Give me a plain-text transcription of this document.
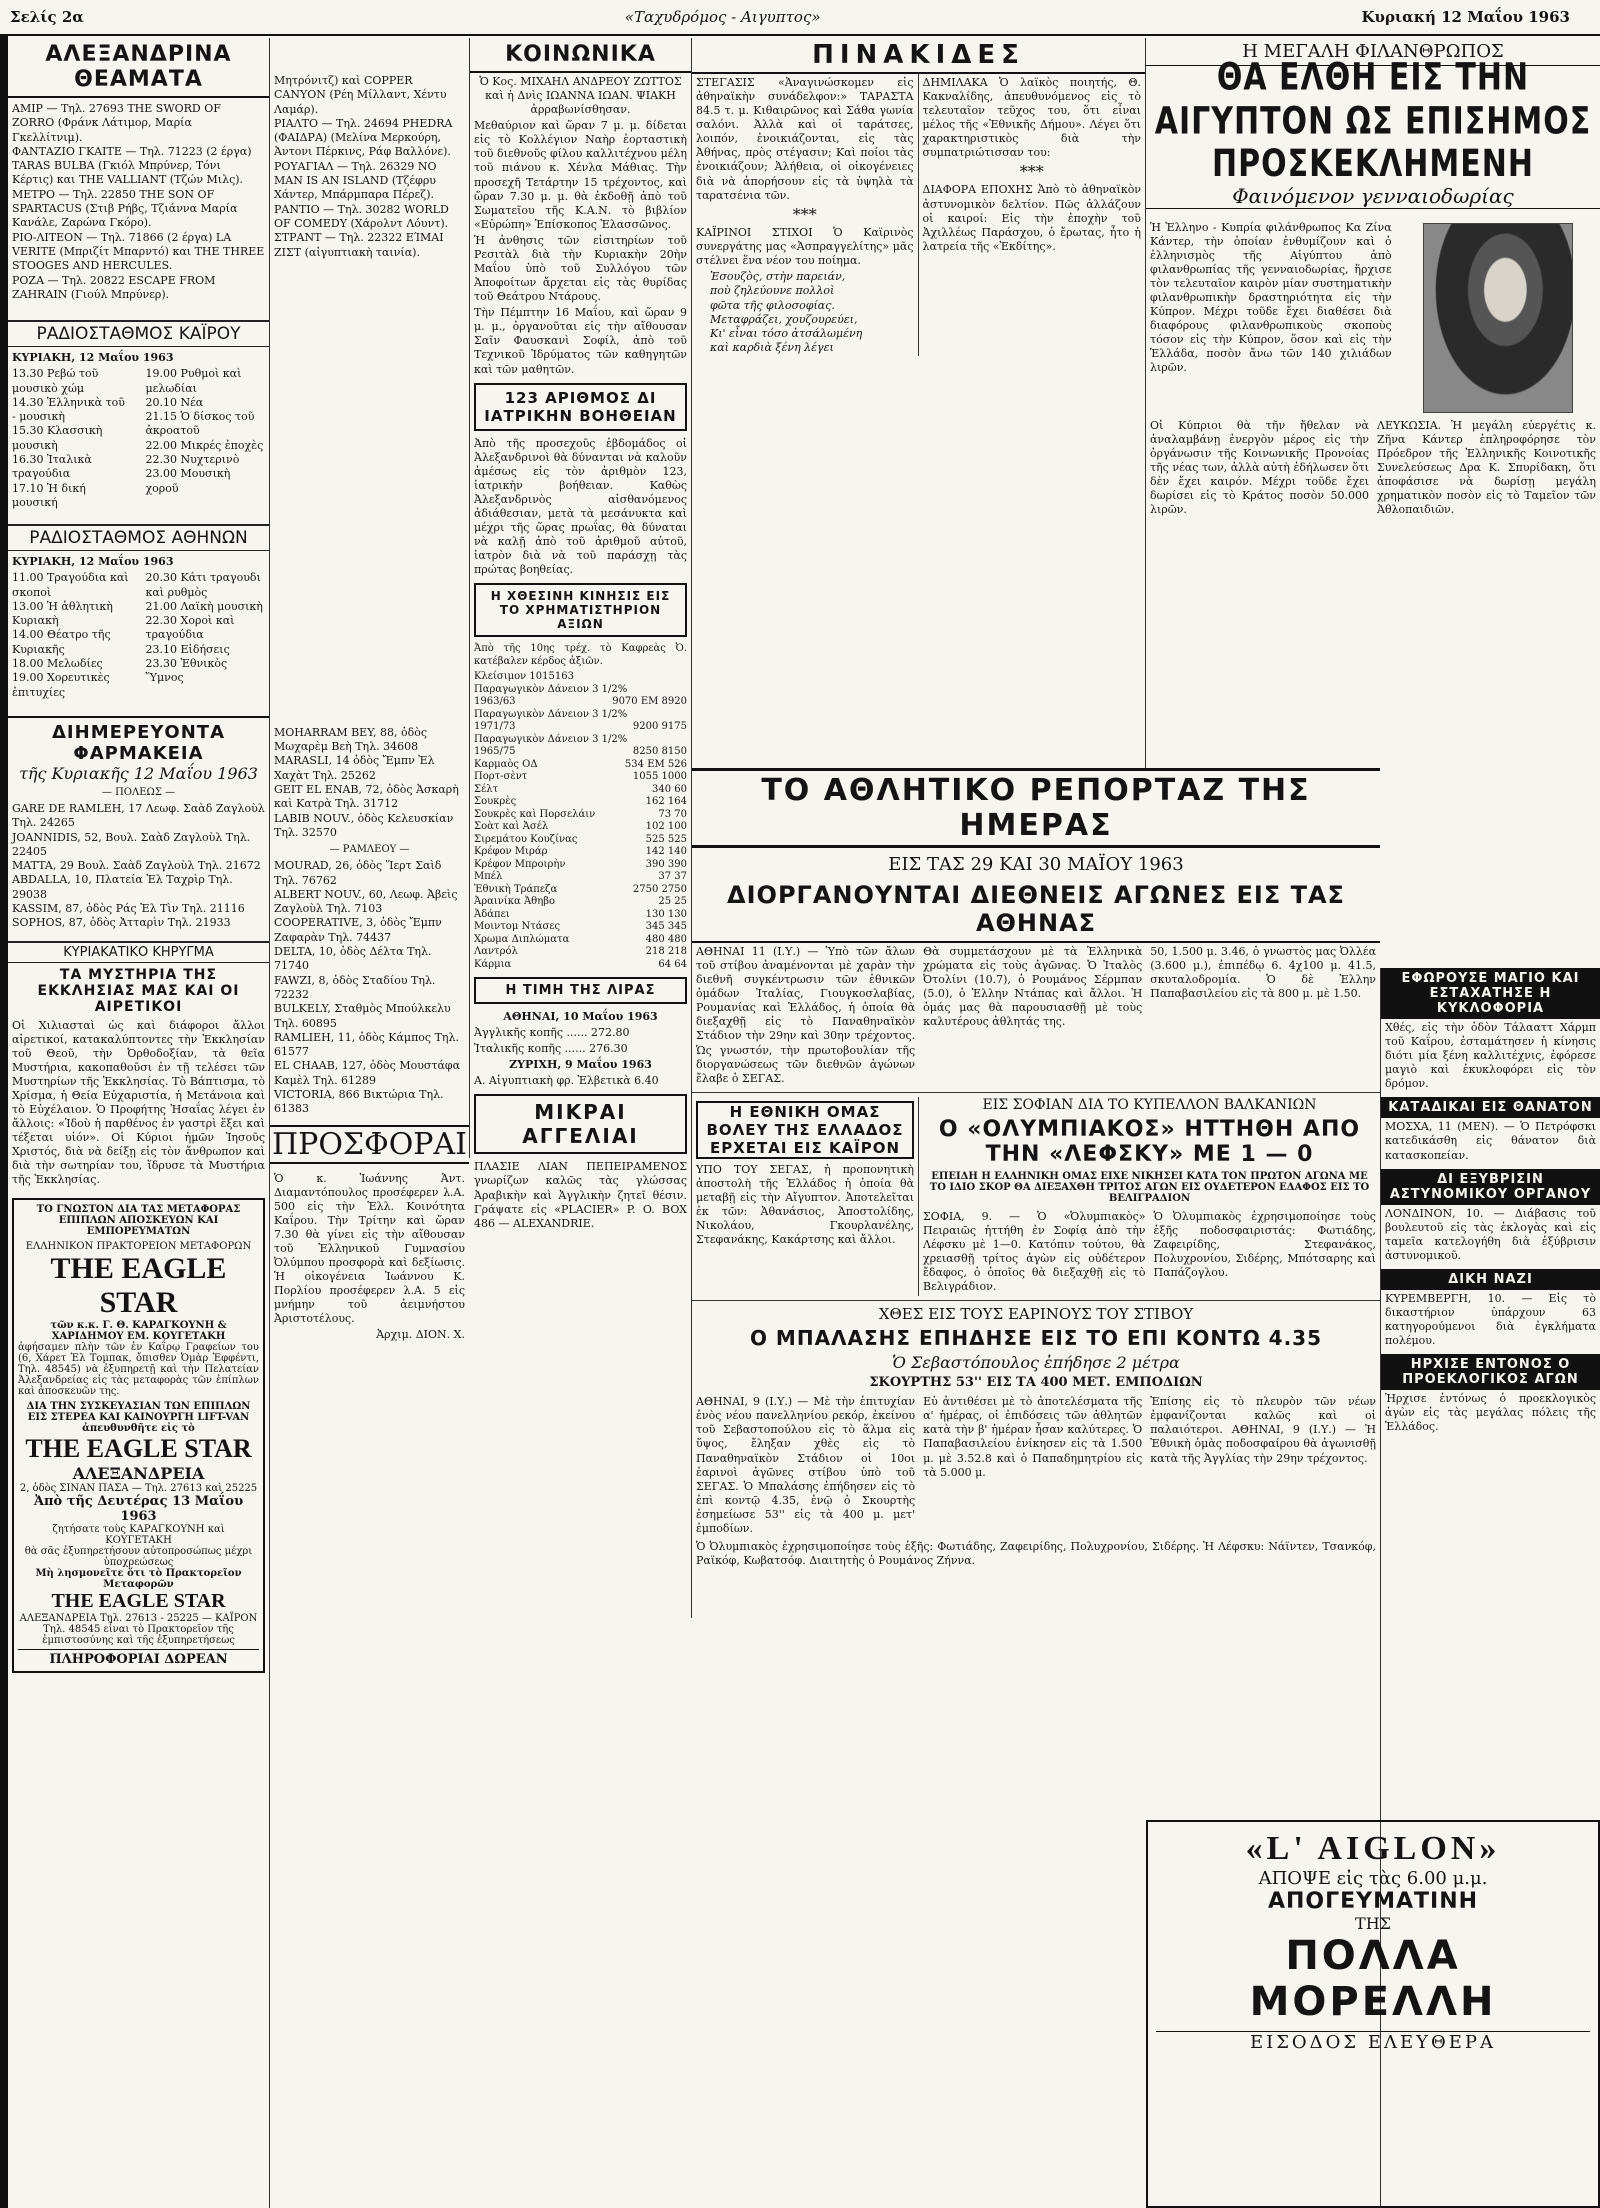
Σελίς 2α	«Ταχυδρόμος - Αιγυπτος»	Κυριακή 12 Μαΐου 1963
ΑΛΕΞΑΝΔΡΙΝΑ ΘΕΑΜΑΤΑ
ΑΜΙΡ — Τηλ. 27693 THE SWORD OF ZORRO (Φράνκ Λάτιμορ, Μαρία Γκελλίτνιμ).
ΦΑΝΤΑΖΙΟ ΓΚΑΙΤΕ — Τηλ. 71223 (2 έργα) TARAS BULBA (Γκιόλ Μπρύνερ, Τόνι Κέρτις) και THE VALLIANT (Τζών Μιλς).
ΜΕΤΡΟ — Τηλ. 22850 THE SON OF SPARTACUS (Στιβ Ρήβς, Τζιάννα Μαρία Κανάλε, Ζαρώνα Γκόρο).
ΡΙΟ-ΛΙΤΕΟΝ — Τηλ. 71866 (2 έργα) LA VERITE (Μπριζίτ Μπαρντό) και THE THREE STOOGES AND HERCULES.
ΡΟΖΑ — Τηλ. 20822 ESCAPE FROM ZAHRAIN (Γιούλ Μπρύνερ).
ΡΑΔΙΟΣΤΑΘΜΟΣ ΚΑΪΡΟΥ
ΚΥΡΙΑΚΗ, 12 Μαΐου 1963
13.30 Ρεβώ τοῦ μουσικὸ χώμ
14.30 Ἑλληνικὰ τοῦ - μουσικὴ
15.30 Κλασσικὴ μουσικὴ
16.30 Ἰταλικὰ τραγούδια
17.10 Ἡ δική μουσική
19.00 Ρυθμοὶ καὶ μελωδίαι
20.10 Νέα
21.15 Ὁ δίσκος τοῦ ἀκροατοῦ
22.00 Μικρές ἐποχὲς
22.30 Νυχτερινὸ
23.00 Μουσικὴ χοροῦ
ΡΑΔΙΟΣΤΑΘΜΟΣ ΑΘΗΝΩΝ
ΚΥΡΙΑΚΗ, 12 Μαΐου 1963
11.00 Τραγούδια καὶ σκοποὶ
13.00 Ἡ ἀθλητικὴ Κυριακὴ
14.00 Θέατρο τῆς Κυριακῆς
18.00 Μελωδίες
19.00 Χορευτικὲς ἐπιτυχίες
20.30 Κάτι τραγουδι καὶ ρυθμὸς
21.00 Λαϊκὴ μουσικὴ
22.30 Χοροὶ καὶ τραγούδια
23.10 Εἰδήσεις
23.30 Ἐθνικὸς Ὕμνος
ΔΙΗΜΕΡΕΥΟΝΤΑ ΦΑΡΜΑΚΕΙΑ
τῆς Κυριακῆς 12 Μαΐου 1963
— ΠΟΛΕΩΣ —
GARE DE RAMLEH, 17 Λεωφ. Σαὰδ Ζαγλοὺλ Τηλ. 24265
JOANNIDIS, 52, Βουλ. Σαὰδ Ζαγλοὺλ Τηλ. 22405
MATTA, 29 Βουλ. Σαὰδ Ζαγλοὺλ Τηλ. 21672
ABDALLA, 10, Πλατεία Ἐλ Ταχρὶρ Τηλ. 29038
KASSIM, 87, ὁδὸς Ράς Ἐλ Τὶν Τηλ. 21116
SOPHOS, 87, ὁδὸς Ἀτταρὶν Τηλ. 21933
ΚΥΡΙΑΚΑΤΙΚΟ ΚΗΡΥΓΜΑ
ΤΑ ΜΥΣΤΗΡΙΑ ΤΗΣ ΕΚΚΛΗΣΙΑΣ ΜΑΣ ΚΑΙ ΟΙ ΑΙΡΕΤΙΚΟΙ

Οἱ Χιλιασταὶ ὡς καὶ διάφοροι ἄλλοι αἱρετικοί, κατακαλύπτοντες τὴν Ἐκκλησίαν τοῦ Θεοῦ, τὴν Ὀρθοδοξίαν, τὰ θεῖα Μυστήρια, κακοπαθοῦσι ἐν τῇ τελέσει τῶν Μυστηρίων τῆς Ἐκκλησίας. Τὸ Βάπτισμα, τὸ Χρίσμα, ἡ Θεία Εὐχαριστία, ἡ Μετάνοια καὶ τὸ Εὐχέλαιον. Ὁ Προφήτης Ἠσαΐας λέγει ἐν ἄλλοις: «Ἰδοὺ ἡ παρθένος ἐν γαστρὶ ἕξει καὶ τέξεται υἱόν». Οἱ Κύριοι ἡμῶν Ἰησοῦς Χριστός, διὰ νὰ δείξῃ εἰς τὸν ἄνθρωπον καὶ διὰ τὴν σωτηρίαν του, ἵδρυσε τὰ Μυστήρια τῆς Ἐκκλησίας.

ΤΟ ΓΝΩΣΤΟΝ ΔΙΑ ΤΑΣ ΜΕΤΑΦΟΡΑΣ ΕΠΙΠΛΩΝ ΑΠΟΣΚΕΥΩΝ ΚΑΙ ΕΜΠΟΡΕΥΜΑΤΩΝ
ΕΛΛΗΝΙΚΟΝ ΠΡΑΚΤΟΡΕΙΟΝ ΜΕΤΑΦΟΡΩΝ
THE EAGLE STAR
τῶν κ.κ. Γ. Θ. ΚΑΡΑΓΚΟΥΝΗ & ΧΑΡΙΔΗΜΟΥ ΕΜ. ΚΟΥΓΕΤΑΚΗ
ἀφήσαμεν πλὴν τῶν ἐν Καΐρῳ Γραφείων του (6, Χάρετ Ἐλ Τομπακ, ὄπισθεν Ὀμὰρ Ἐφφέντι, Τηλ. 48545) νὰ ἐξυπηρετῇ καὶ τὴν Πελατείαν Ἀλεξανδρείας εἰς τὰς μεταφορὰς τῶν ἐπίπλων καὶ ἀποσκευῶν της.
ΔΙΑ ΤΗΝ ΣΥΣΚΕΥΑΣΙΑΝ ΤΩΝ ΕΠΙΠΛΩΝ ΕΙΣ ΣΤΕΡΕΑ ΚΑΙ ΚΑΙΝΟΥΡΓΗ LIFT-VAN ἀπευθυνθῆτε εἰς τὸ
THE EAGLE STAR
ΑΛΕΞΑΝΔΡΕΙΑ
2, ὁδὸς ΣΙΝΑΝ ΠΑΣΑ — Τηλ. 27613 καὶ 25225
Ἀπὸ τῆς Δευτέρας 13 Μαΐου 1963
ζητήσατε τοὺς ΚΑΡΑΓΚΟΥΝΗ καὶ ΚΟΥΓΕΤΑΚΗ
θὰ σᾶς ἐξυπηρετήσουν αὐτοπροσώπως μέχρι ὑποχρεώσεως
Μὴ λησμονεῖτε ὅτι τὸ Πρακτορεῖον Μεταφορῶν
THE EAGLE STAR
ΑΛΕΞΑΝΔΡΕΙΑ Τηλ. 27613 - 25225 — ΚΑΪΡΟΝ Τηλ. 48545 εἶναι τὸ Πρακτορεῖον τῆς ἐμπιστοσύνης καὶ τῆς ἐξυπηρετήσεως
ΠΛΗΡΟΦΟΡΙΑΙ ΔΩΡΕΑΝ
Μητρόνιτζ) καὶ COPPER CANYON (Ρέη Μίλλαντ, Χέντυ Λαμάρ).
ΡΙΑΛΤΟ — Τηλ. 24694 PHEDRA (ΦΑΙΔΡΑ) (Μελίνα Μερκούρη, Ἀντονι Πέρκινς, Ράφ Βαλλόνε).
ΡΟΥΑΓΙΑΛ — Τηλ. 26329 NO MAN IS AN ISLAND (Τζέφρυ Χάντερ, Μπάρμπαρα Πέρεζ).
ΡΑΝΤΙΟ — Τηλ. 30282 WORLD OF COMEDY (Χάρολντ Λόυντ).
ΣΤΡΑΝΤ — Τηλ. 22322 ΕΊΜΑΙ ΖΙΣΤ (αἰγυπτιακὴ ταινία).
MOHARRAM BEY, 88, ὁδὸς Μωχαρὲμ Βεὴ Τηλ. 34608
MARASLI, 14 ὁδὸς Ἔμπν Ἐλ Χαχὰτ Τηλ. 25262
GEIT EL ENAB, 72, ὁδὸς Ἀσκαρὴ καὶ Κατρὰ Τηλ. 31712
LABIB NOUV., ὁδὸς Κελευσκίαν Τηλ. 32570
— ΡΑΜΛΕΟΥ —
MOURAD, 26, ὁδὸς Ἵερτ Σαὶδ Τηλ. 76762
ALBERT NOUV., 60, Λεωφ. Ἀβεὶς Ζαγλοὺλ Τηλ. 7103
COOPERATIVE, 3, ὁδὸς Ἔμπν Ζαφαρὰν Τηλ. 74437
DELTA, 10, ὁδὸς Δέλτα Τηλ. 71740
FAWZI, 8, ὁδὸς Σταδίου Τηλ. 72232
BULKELY, Σταθμὸς Μπούλκελυ Τηλ. 60895
RAMLIEH, 11, ὁδὸς Κάμπος Τηλ. 61577
EL CHAAB, 127, ὁδὸς Μουστάφα Καμὲλ Τηλ. 61289
VICTORIA, 866 Βικτώρια Τηλ. 61383
ΠΡΟΣΦΟΡΑΙ

Ὁ κ. Ἰωάννης Ἀντ. Διαμαντόπουλος προσέφερεν λ.Α. 500 εἰς τὴν Ἑλλ. Κοινότητα Καΐρου. Τὴν Τρίτην καὶ ὥραν 7.30 θὰ γίνει εἰς τὴν αἴθουσαν τοῦ Ἑλληνικοῦ Γυμνασίου Ὀλύμπου προσφορὰ καὶ δεξίωσις. Ἡ οἰκογένεια Ἰωάννου Κ. Πορλίου προσέφερεν λ.Α. 5 εἰς μνήμην τοῦ ἀειμνήστου Ἀριστοτέλους.

Ἀρχιμ. ΔΙΟΝ. Χ.
ΚΟΙΝΩΝΙΚΑ

Ὁ Κος. ΜΙΧΑΗΛ ΑΝΔΡΕΟΥ ΖΩΤΤΟΣ καὶ ἡ Δνὶς ΙΩΑΝΝΑ ΙΩΑΝ. ΨΙΑΚΗ ἀρραβωνίσθησαν.

Μεθαύριον καὶ ὥραν 7 μ. μ. δίδεται εἰς τὸ Κολλέγιον Ναὴρ ἑορταστικὴ τοῦ διεθνοῦς φίλου καλλιτέχνου μέλη τοῦ πιάνου κ. Χένλα Μάθιας. Τὴν προσεχῆ Τετάρτην 15 τρέχοντος, καὶ ὥραν 7.30 μ. μ. θὰ ἐκδοθῇ ἀπὸ τοῦ Σωματεῖου τῆς Κ.Α.Ν. τὸ βιβλίον «Εὐρώπη» Ἐπίσκοπος Ἐλασσῶνος.

Ἡ ἀνθησις τῶν εἰσιτηρίων τοῦ Ρεσιτὰλ διὰ τὴν Κυριακὴν 20ὴν Μαΐου ὑπὸ τοῦ Συλλόγου τῶν Ἀποφοίτων ἄρχεται εἰς τὰς θυρίδας τοῦ Θεάτρου Ντάρους.

Τὴν Πέμπτην 16 Μαΐου, καὶ ὥραν 9 μ. μ., ὀργανοῦται εἰς τὴν αἴθουσαν Σαῖν Φαυσκανὶ Σοφίλ, ἀπὸ τοῦ Τεχνικοῦ Ἱδρύματος τῶν καθηγητῶν καὶ τῶν μαθητῶν.

123 ΑΡΙΘΜΟΣ ΔΙ ΙΑΤΡΙΚΗΝ ΒΟΗΘΕΙΑΝ

Ἀπὸ τῆς προσεχοῦς ἑβδομάδος οἱ Ἀλεξανδρινοὶ θὰ δύνανται νὰ καλοῦν ἀμέσως εἰς τὸν ἀριθμὸν 123, ἰατρικὴν βοήθειαν. Καθὼς Ἀλεξανδρινὸς αἰσθανόμενος ἀδιάθεσιαν, μετὰ τὰ μεσάνυκτα καὶ μέχρι τῆς ὥρας πρωΐας, θὰ δύναται νὰ καλῇ ἀπὸ τοῦ ἀριθμοῦ αὐτοῦ, ἰατρὸν διὰ νὰ τοῦ παράσχῃ τὰς πρώτας βοηθείας.

Η ΧΘΕΣΙΝΗ ΚΙΝΗΣΙΣ ΕΙΣ ΤΟ ΧΡΗΜΑΤΙΣΤΗΡΙΟΝ ΑΞΙΩΝ

Ἀπὸ τῆς 10ης τρέχ. τὸ Καφρεὰς Ὀ. κατέβαλεν κέρδος ἀξιῶν.

Κλείσιμον 1015163
Παραγωγικὸν Δάνειον 3 1/2%
1963/63	9070 ΕΜ 8920
Παραγωγικὸν Δάνειον 3 1/2%
1971/73	9200 9175
Παραγωγικὸν Δάνειον 3 1/2%
1965/75	8250 8150
Καρμαὸς ΟΔ	534 ΕΜ 526
Πορτ-σὲντ	1055 1000
Σέλτ	340 60
Σουκρὲς	162 164
Σουκρὲς καὶ Πορσελάιν	73 70
Σοὰτ καὶ Ἀσέλ	102 100
Σιρεμάτου Κουζίνας	525 525
Κρέφον Μιράρ	142 140
Κρέφον Μπροιρὴν	390 390
Μπέλ	37 37
Ἐθνικὴ Τράπεζα	2750 2750
Ἀραινίκα Ἀθηβο	25 25
Ἀδάπει	130 130
Μοιντομ Ντάσες	345 345
Χρωμα Διπλώματα	480 480
Λαντρόλ	218 218
Κάρμια	64 64
Η ΤΙΜΗ ΤΗΣ ΛΙΡΑΣ
ΑΘΗΝΑΙ, 10 Μαΐου 1963
Ἀγγλικῆς κοπῆς ...... 272.80
Ἰταλικῆς κοπῆς ...... 276.30
ΖΥΡΙΧΗ, 9 Μαΐου 1963
Α. Αἰγυπτιακὴ φρ. Ἑλβετικὰ 6.40
ΜΙΚΡΑΙ ΑΓΓΕΛΙΑΙ

ΠΛΑΣΙΕ ΛΙΑΝ ΠΕΠΕΙΡΑΜΕΝΟΣ γνωρίζων καλῶς τὰς γλώσσας Ἀραβικὴν καὶ Ἀγγλικὴν ζητεῖ θέσιν. Γράψατε εἰς «PLACIER» P. O. BOX 486 — ALEXANDRIE.

ΠΙΝΑΚΙΔΕΣ

ΣΤΕΓΑΣΙΣ «Ἀναγινώσκομεν εἰς ἀθηναϊκὴν συνάδελφον:» ΤΑΡΑΣΤΑ 84.5 τ. μ. Κιθαιρῶνος καὶ Σάθα γωνία σαλόνι. Ἀλλὰ καὶ οἱ ταράτσες, λοιπόν, ἐνοικιάζονται, εἰς τὰς Ἀθήνας, πρὸς στέγασιν; Καὶ ποίοι τὰς ἐνοικιάζουν; Ἀλήθεια, οἱ οἰκογένειες διὰ νὰ ἀπορήσουν εἰς τὰ ὑψηλὰ τὰ ταρατσένια τῶν.

***

ΚΑΪΡΙΝΟΙ ΣΤΙΧΟΙ Ὁ Καϊρινὸς συνεργάτης μας «Ἀσπραγγελίτης» μᾶς στέλνει ἕνα νέον του ποίημα.

Ἐσουζὸς, στὴν παρειάν,
ποὺ ζηλεύουνε πολλοὶ
φῶτα τῆς φιλοσοφίας.
Μεταφράζει, χουζουρεύει,
Κι' εἶναι τόσο ἀτσάλωμένη
καὶ καρδιὰ ξένη λέγει

ΔΗΜΙΛΑΚΑ Ὁ λαϊκὸς ποιητής, Θ. Κακναλίδης, ἀπευθυνόμενος εἰς τὸ τελευταῖον τεῦχος του, ὅτι εἶναι μέλος τῆς «Ἐθνικῆς Δήμου». Λέγει ὅτι χαρακτηριστικὸς διὰ τὴν συμπατριώτισσαν του:

***

ΔΙΑΦΟΡΑ ΕΠΟΧΗΣ Ἀπὸ τὸ ἀθηναϊκὸν ἀστυνομικὸν δελτίον. Πῶς ἀλλάζουν οἱ καιροί: Εἰς τὴν ἐποχὴν τοῦ Ἀχιλλέως Παράσχου, ὁ ἔρωτας, ἦτο ἡ λατρεία τῆς «Ἐκδίτης».

Η ΜΕΓΑΛΗ ΦΙΛΑΝΘΡΩΠΟΣ
ΘΑ ΕΛΘΗ ΕΙΣ ΤΗΝ ΑΙΓΥΠΤΟΝ ΩΣ ΕΠΙΣΗΜΟΣ ΠΡΟΣΚΕΚΛΗΜΕΝΗ
Φαινόμενον γενναιοδωρίας

Ἡ Ἑλληνο - Κυπρία φιλάνθρωπος Κα Ζίνα Κάντερ, τὴν ὁποίαν ἐνθυμίζουν καὶ ὁ ἐλληνισμὸς τῆς Αἰγύπτου ἀπὸ φιλανθρωπίας τῆς γενναιοδωρίας, ἥρχισε τὸν τελευταῖον καιρὸν μίαν συστηματικὴν φιλανθρωπικὴν δραστηριότητα εἰς τὴν Κύπρον. Μέχρι τοῦδε ἔχει διαθέσει διὰ διαφόρους φιλανθρωπικοὺς σκοποὺς τόσον εἰς τὴν Κύπρον, ὅσον καὶ εἰς τὴν Ἑλλάδα, ποσὸν ἄνω τῶν 140 χιλιάδων λιρῶν.

Οἱ Κύπριοι θὰ τῆν ἤθελαν νὰ ἀναλαμβάνῃ ἐνεργὸν μέρος εἰς τὴν ὀργάνωσιν τῆς Κοινωνικῆς Προνοίας τῆς νέας των, ἀλλὰ αὐτὴ ἐδήλωσεν ὅτι δὲν ἔχει καιρόν. Μέχρι τοῦδε ἔχει δωρίσει εἰς τὸ Κράτος ποσὸν 50.000 λιρῶν.

ΛΕΥΚΩΣΙΑ. Ἡ μεγάλη εὐεργέτις κ. Ζῆνα Κάντερ ἐπληροφόρησε τὸν Πρόεδρον τῆς Ἑλληνικῆς Κοινοτικῆς Συνελεύσεως Δρα Κ. Σπυρίδακη, ὅτι ἀποφάσισε νὰ δωρίσῃ μεγάλη χρηματικὸν ποσὸν εἰς τὸ Ταμεῖον τῶν Ἀθλοπαιδιῶν.

ΕΦΩΡΟΥΣΕ ΜΑΓΙΟ ΚΑΙ ΕΣΤΑΧΑΤΗΣΕ Η ΚΥΚΛΟΦΟΡΙΑ

Χθές, εἰς τὴν ὁδὸν Τάλααττ Χάρμπ τοῦ Καΐρου, ἐσταμάτησεν ἡ κίνησις διότι μία ξένη καλλιτέχνις, ἐφόρεσε μαγιὸ καὶ ἐκυκλοφόρει εἰς τὸν δρόμον.

ΚΑΤΑΔΙΚΑΙ ΕΙΣ ΘΑΝΑΤΟΝ

ΜΟΣΧΑ, 11 (ΜΕΝ). — Ὁ Πετρόφσκι κατεδικάσθη εἰς θάνατον διὰ κατασκοπείαν.

ΔΙ ΕΞΥΒΡΙΣΙΝ ΑΣΤΥΝΟΜΙΚΟΥ ΟΡΓΑΝΟΥ

ΛΟΝΔΙΝΟΝ, 10. — Διάβασις τοῦ βουλευτοῦ εἰς τὰς ἐκλογὰς καὶ εἰς ταμεῖα κατελογήθη διὰ ἐξύβρισιν ἀστυνομικοῦ.

ΔΙΚΗ ΝΑΖΙ

ΚΥΡΕΜΒΕΡΓΗ, 10. — Εἰς τὸ δικαστήριον ὑπάρχουν 63 κατηγορούμενοι διὰ ἐγκλήματα πολέμου.

ΗΡΧΙΣΕ ΕΝΤΟΝΟΣ Ο ΠΡΟΕΚΛΟΓΙΚΟΣ ΑΓΩΝ

Ἠρχισε ἐντόνως ὁ προεκλογικὸς ἀγὼν εἰς τὰς μεγάλας πόλεις τῆς Ἑλλάδος.

ΤΟ ΑΘΛΗΤΙΚΟ ΡΕΠΟΡΤΑΖ ΤΗΣ ΗΜΕΡΑΣ
ΕΙΣ ΤΑΣ 29 ΚΑΙ 30 ΜΑΪΟΥ 1963
ΔΙΟΡΓΑΝΟΥΝΤΑΙ ΔΙΕΘΝΕΙΣ ΑΓΩΝΕΣ ΕΙΣ ΤΑΣ ΑΘΗΝΑΣ

ΑΘΗΝΑΙ 11 (Ι.Υ.) — Ὑπὸ τῶν ἄλων τοῦ στίβου ἀναμένονται μὲ χαρὰν τὴν διεθνῆ συγκέντρωσιν τῶν ἐθνικῶν ὁμάδων Ἰταλίας, Γιουγκοσλαβίας, Ρουμανίας καὶ Ἑλλάδος, ἡ ὁποία θὰ διεξαχθῇ εἰς τὸ Παναθηναϊκὸν Στάδιον τὴν 29ην καὶ 30ην τρέχοντος. Ὡς γνωστόν, τὴν πρωτοβουλίαν τῆς διοργανώσεως τῶν διεθνῶν ἀγώνων ἔλαβε ὁ ΣΕΓΑΣ.

Θὰ συμμετάσχουν μὲ τὰ Ἑλληνικὰ χρώματα εἰς τοὺς ἀγῶνας. Ὁ Ἰταλὸς Ὀτολίνι (10.7), ὁ Ρουμάνος Σέρμπαν (5.0), ὁ Ἑλλην Ντάπας καὶ ἄλλοι. Ἡ ὁμάς μας θὰ παρουσιασθῇ μὲ τοὺς καλυτέρους ἀθλητάς της.

50, 1.500 μ. 3.46, ὁ γνωστὸς μας Ὀλλέα (3.600 μ.), ἐπιπέδῳ 6. 4χ100 μ. 41.5, σκυταλοδρομία. Ὁ δὲ Ἑλλην Παπαβασιλείου εἰς τὰ 800 μ. μὲ 1.50.

Η ΕΘΝΙΚΗ ΟΜΑΣ ΒΟΛΕΥ ΤΗΣ ΕΛΛΑΔΟΣ ΕΡΧΕΤΑΙ ΕΙΣ ΚΑΪΡΟΝ

ΥΠΟ ΤΟΥ ΣΕΓΑΣ, ἡ προπονητικὴ ἀποστολὴ τῆς Ἑλλάδος ἡ ὁποία θὰ μεταβῇ εἰς τὴν Αἴγυπτον. Ἀποτελεῖται ἐκ τῶν: Ἀθανάσιος, Ἀποστολίδης, Νικολάου, Γκουρλανέλης, Στεφανάκης, Κακάρτσης καὶ ἄλλοι.

ΕΙΣ ΣΟΦΙΑΝ ΔΙΑ ΤΟ ΚΥΠΕΛΛΟΝ ΒΑΛΚΑΝΙΩΝ
Ο «ΟΛΥΜΠΙΑΚΟΣ» ΗΤΤΗΘΗ ΑΠΟ ΤΗΝ «ΛΕΦΣΚΥ» ΜΕ 1 — 0
ΕΠΕΙΔΗ Η ΕΛΛΗΝΙΚΗ ΟΜΑΣ ΕΙΧΕ ΝΙΚΗΣΕΙ ΚΑΤΑ ΤΟΝ ΠΡΩΤΟΝ ΑΓΩΝΑ ΜΕ ΤΟ ΙΔΙΟ ΣΚΟΡ ΘΑ ΔΙΕΞΑΧΘΗ ΤΡΙΤΟΣ ΑΓΩΝ ΕΙΣ ΟΥΔΕΤΕΡΟΝ ΕΔΑΦΟΣ ΕΙΣ ΤΟ ΒΕΛΙΓΡΑΔΙΟΝ

ΣΟΦΙΑ, 9. — Ὁ «Ὀλυμπιακὸς» Πειραιῶς ἡττήθη ἐν Σοφίᾳ ἀπὸ τὴν Λέφσκυ μὲ 1—0. Κατόπιν τούτου, θὰ χρειασθῇ τρίτος ἀγὼν εἰς οὐδέτερον ἔδαφος, ὁ ὁποῖος θὰ διεξαχθῇ εἰς τὸ Βελιγράδιον.

Ὁ Ὀλυμπιακὸς ἐχρησιμοποίησε τοὺς ἑξῆς ποδοσφαιριστάς: Φωτιάδης, Ζαφειρίδης, Στεφανάκος, Πολυχρονίου, Σιδέρης, Μπότσαρης καὶ Παπάζογλου.

ΧΘΕΣ ΕΙΣ ΤΟΥΣ ΕΑΡΙΝΟΥΣ ΤΟΥ ΣΤΙΒΟΥ
Ο ΜΠΑΛΑΣΗΣ ΕΠΗΔΗΣΕ ΕΙΣ ΤΟ ΕΠΙ ΚΟΝΤΩ 4.35
Ὁ Σεβαστόπουλος ἐπήδησε 2 μέτρα
ΣΚΟΥΡΤΗΣ 53'' ΕΙΣ ΤΑ 400 ΜΕΤ. ΕΜΠΟΔΙΩΝ

ΑΘΗΝΑΙ, 9 (Ι.Υ.) — Μὲ τὴν ἐπιτυχίαν ἑνὸς νέου πανελληνίου ρεκόρ, ἐκείνου τοῦ Σεβαστοπούλου εἰς τὸ ἅλμα εἰς ὕψος, ἔληξαν χθὲς εἰς τὸ Παναθηναϊκὸν Στάδιον οἱ 10οι ἐαρινοὶ ἀγῶνες στίβου ὑπὸ τοῦ ΣΕΓΑΣ. Ὁ Μπαλάσης ἐπήδησεν εἰς τὸ ἐπὶ κοντῷ 4.35, ἐνῷ ὁ Σκουρτὴς ἐσημείωσε 53'' εἰς τὰ 400 μ. μετ' ἐμποδίων.

Εὐ ἀντιθέσει μὲ τὸ ἀποτελέσματα τῆς α' ἡμέρας, οἱ ἐπιδόσεις τῶν ἀθλητῶν κατὰ τὴν β' ἡμέραν ἦσαν καλύτερες. Ὁ Παπαβασιλείου ἐνίκησεν εἰς τὰ 1.500 μ. μὲ 3.52.8 καὶ ὁ Παπαδημητρίου εἰς τὰ 5.000 μ.

Ἐπίσης εἰς τὸ πλευρὸν τῶν νέων ἐμφανίζονται καλῶς καὶ οἱ παλαιότεροι. ΑΘΗΝΑΙ, 9 (Ι.Υ.) — Ἡ Ἐθνικὴ ὁμὰς ποδοσφαίρου θὰ ἀγωνισθῇ κατὰ τῆς Ἀγγλίας τὴν 29ην τρέχοντος.

Ὁ Ὀλυμπιακὸς ἐχρησιμοποίησε τοὺς ἑξῆς: Φωτιάδης, Ζαφειρίδης, Πολυχρονίου, Σιδέρης. Ἡ Λέφσκυ: Νάϊντεν, Τσανκόφ, Ραϊκόφ, Κωβατσόφ. Διαιτητὴς ὁ Ρουμάνος Ζήννα.

«L' AIGLON»
ΑΠΟΨΕ εἰς τὰς 6.00 μ.μ.
ΑΠΟΓΕΥΜΑΤΙΝΗ
ΤΗΣ
ΠΟΛΛΑ ΜΟΡΕΛΛΗ
ΕΙΣΟΔΟΣ ΕΛΕΥΘΕΡΑ
